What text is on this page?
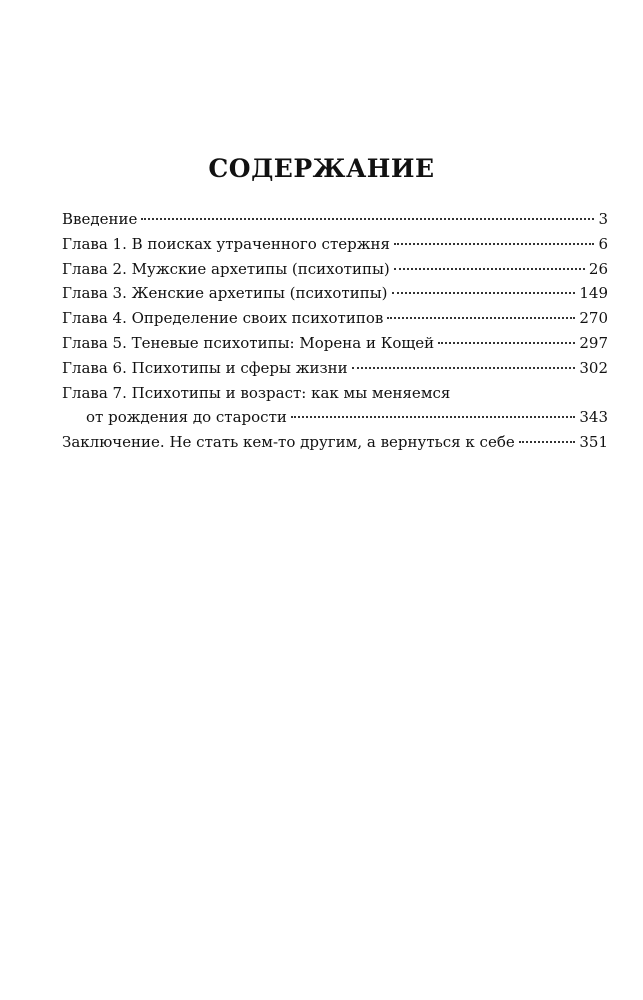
СОДЕРЖАНИЕ
Введение	3
Глава 1. В поисках утраченного стержня	6
Глава 2. Мужские архетипы (психотипы)	26
Глава 3. Женские архетипы (психотипы)	149
Глава 4. Определение своих психотипов	270
Глава 5. Теневые психотипы: Морена и Кощей	297
Глава 6. Психотипы и сферы жизни	302
Глава 7. Психотипы и возраст: как мы меняемся
от рождения до старости	343
Заключение. Не стать кем-то другим, а вернуться к себе	351
